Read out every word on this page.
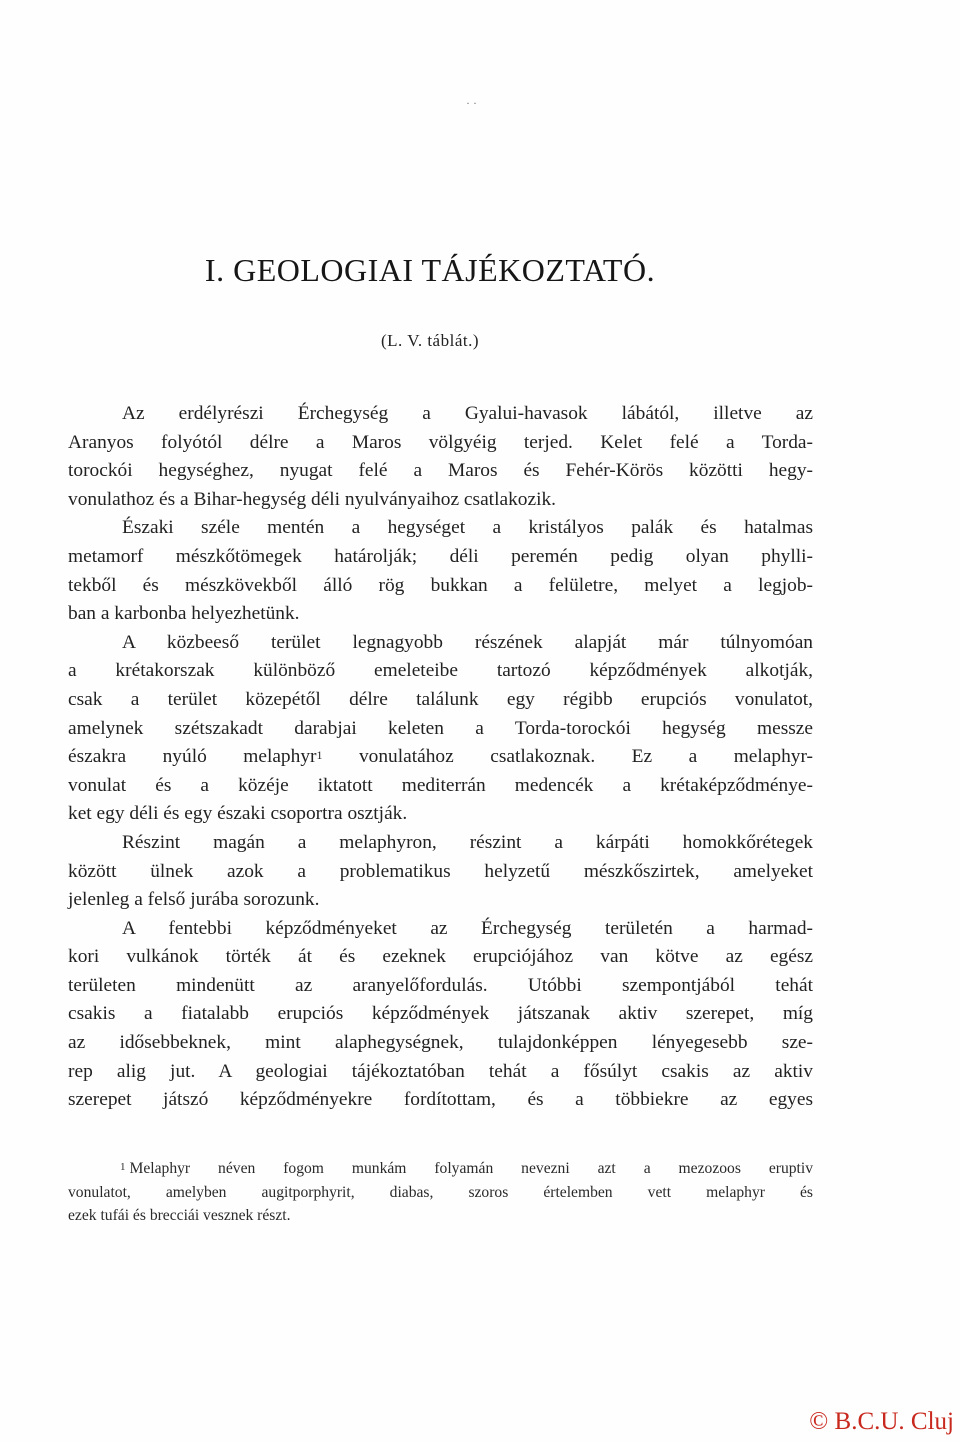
· ·
I. GEOLOGIAI TÁJÉKOZTATÓ.
(L. V. táblát.)
Az erdélyrészi Érchegység a Gyalui-havasok lábától, illetve az
Aranyos folyótól délre a Maros völgyéig terjed. Kelet felé a Torda-
torockói hegységhez, nyugat felé a Maros és Fehér-Körös közötti hegy-
vonulathoz és a Bihar-hegység déli nyulványaihoz csatlakozik.
Északi széle mentén a hegységet a kristályos palák és hatalmas
metamorf mészkőtömegek határolják; déli peremén pedig olyan phylli-
tekből és mészkövekből álló rög bukkan a felületre, melyet a legjob-
ban a karbonba helyezhetünk.
A közbeeső terület legnagyobb részének alapját már túlnyomóan
a krétakorszak különböző emeleteibe tartozó képződmények alkotják,
csak a terület közepétől délre találunk egy régibb erupciós vonulatot,
amelynek szétszakadt darabjai keleten a Torda-torockói hegység messze
északra nyúló melaphyr$^1$ vonulatához csatlakoznak. Ez a melaphyr-
vonulat és a közéje iktatott mediterrán medencék a krétaképződménye-
ket egy déli és egy északi csoportra osztják.
Részint magán a melaphyron, részint a kárpáti homokkőrétegek
között ülnek azok a problematikus helyzetű mészkőszirtek, amelyeket
jelenleg a felső jurába sorozunk.
A fentebbi képződményeket az Érchegység területén a harmad-
kori vulkánok törték át és ezeknek erupciójához van kötve az egész
területen mindenütt az aranyelőfordulás. Utóbbi szempontjából tehát
csakis a fiatalabb erupciós képződmények játszanak aktiv szerepet, míg
az idősebbeknek, mint alaphegységnek, tulajdonképpen lényegesebb sze-
rep alig jut. A geologiai tájékoztatóban tehát a fősúlyt csakis az aktiv
szerepet játszó képződményekre fordítottam, és a többiekre az egyes
$^1$ Melaphyr néven fogom munkám folyamán nevezni azt a mezozoos eruptiv
vonulatot, amelyben augitporphyrit, diabas, szoros értelemben vett melaphyr és
ezek tufái és brecciái vesznek részt.
© B.C.U. Cluj
